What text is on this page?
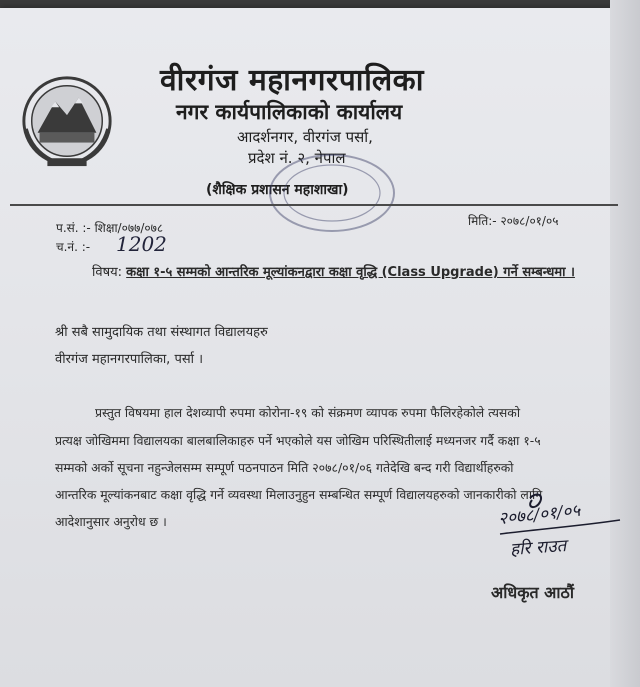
वीरगंज महानगरपालिका
नगर कार्यपालिकाको कार्यालय
आदर्शनगर, वीरगंज पर्सा,
प्रदेश नं. २, नेपाल
(शैक्षिक प्रशासन महाशाखा)
प.सं. :- शिक्षा/०७७/०७८
च.नं. :- 1202
मिति:- २०७८/०१/०५
विषय: कक्षा १-५ सम्मको आन्तरिक मूल्यांकनद्वारा कक्षा वृद्धि (Class Upgrade) गर्ने सम्बन्धमा ।
श्री सबै सामुदायिक तथा संस्थागत विद्यालयहरु
वीरगंज महानगरपालिका, पर्सा ।
प्रस्तुत विषयमा हाल देशव्यापी रुपमा कोरोना-१९ को संक्रमण व्यापक रुपमा फैलिरहेकोले त्यसको
प्रत्यक्ष जोखिममा विद्यालयका बालबालिकाहरु पर्ने भएकोले यस जोखिम परिस्थितीलाई मध्यनजर गर्दै कक्षा १-५
सम्मको अर्को सूचना नहुन्जेलसम्म सम्पूर्ण पठनपाठन मिति २०७८/०१/०६ गतेदेखि बन्द गरी विद्यार्थीहरुको
आन्तरिक मूल्यांकनबाट कक्षा वृद्धि गर्ने व्यवस्था मिलाउनुहुन सम्बन्धित सम्पूर्ण विद्यालयहरुको जानकारीको लागि
आदेशानुसार अनुरोध छ ।	२०७८/०१/०५
हरि राउत
अधिकृत आठौं
